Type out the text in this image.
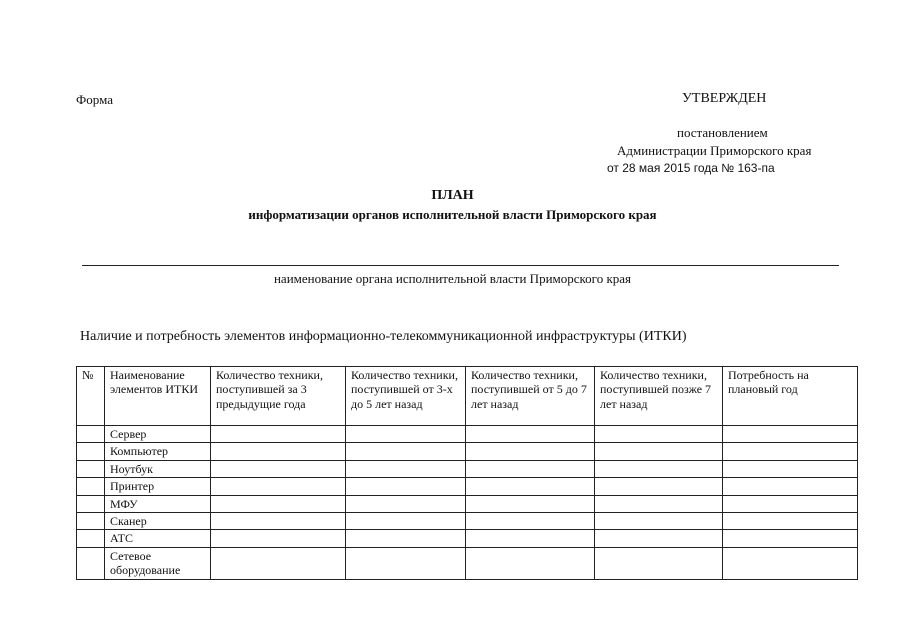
Форма	УТВЕРЖДЕН
постановлением
Администрации Приморского края
от 28 мая 2015 года № 163-па
ПЛАН
информатизации органов исполнительной власти Приморского края
наименование органа исполнительной власти Приморского края
Наличие и потребность элементов информационно-телекоммуникационной инфраструктуры (ИТКИ)
№	Наименование элементов ИТКИ	Количество техники, поступившей за 3 предыдущие года	Количество техники, поступившей от 3-х до 5 лет назад	Количество техники, поступившей от 5 до 7 лет назад	Количество техники, поступившей позже 7 лет назад	Потребность на плановый год
	Сервер					
	Компьютер					
	Ноутбук					
	Принтер					
	МФУ					
	Сканер					
	АТС					
	Сетевое оборудование					
